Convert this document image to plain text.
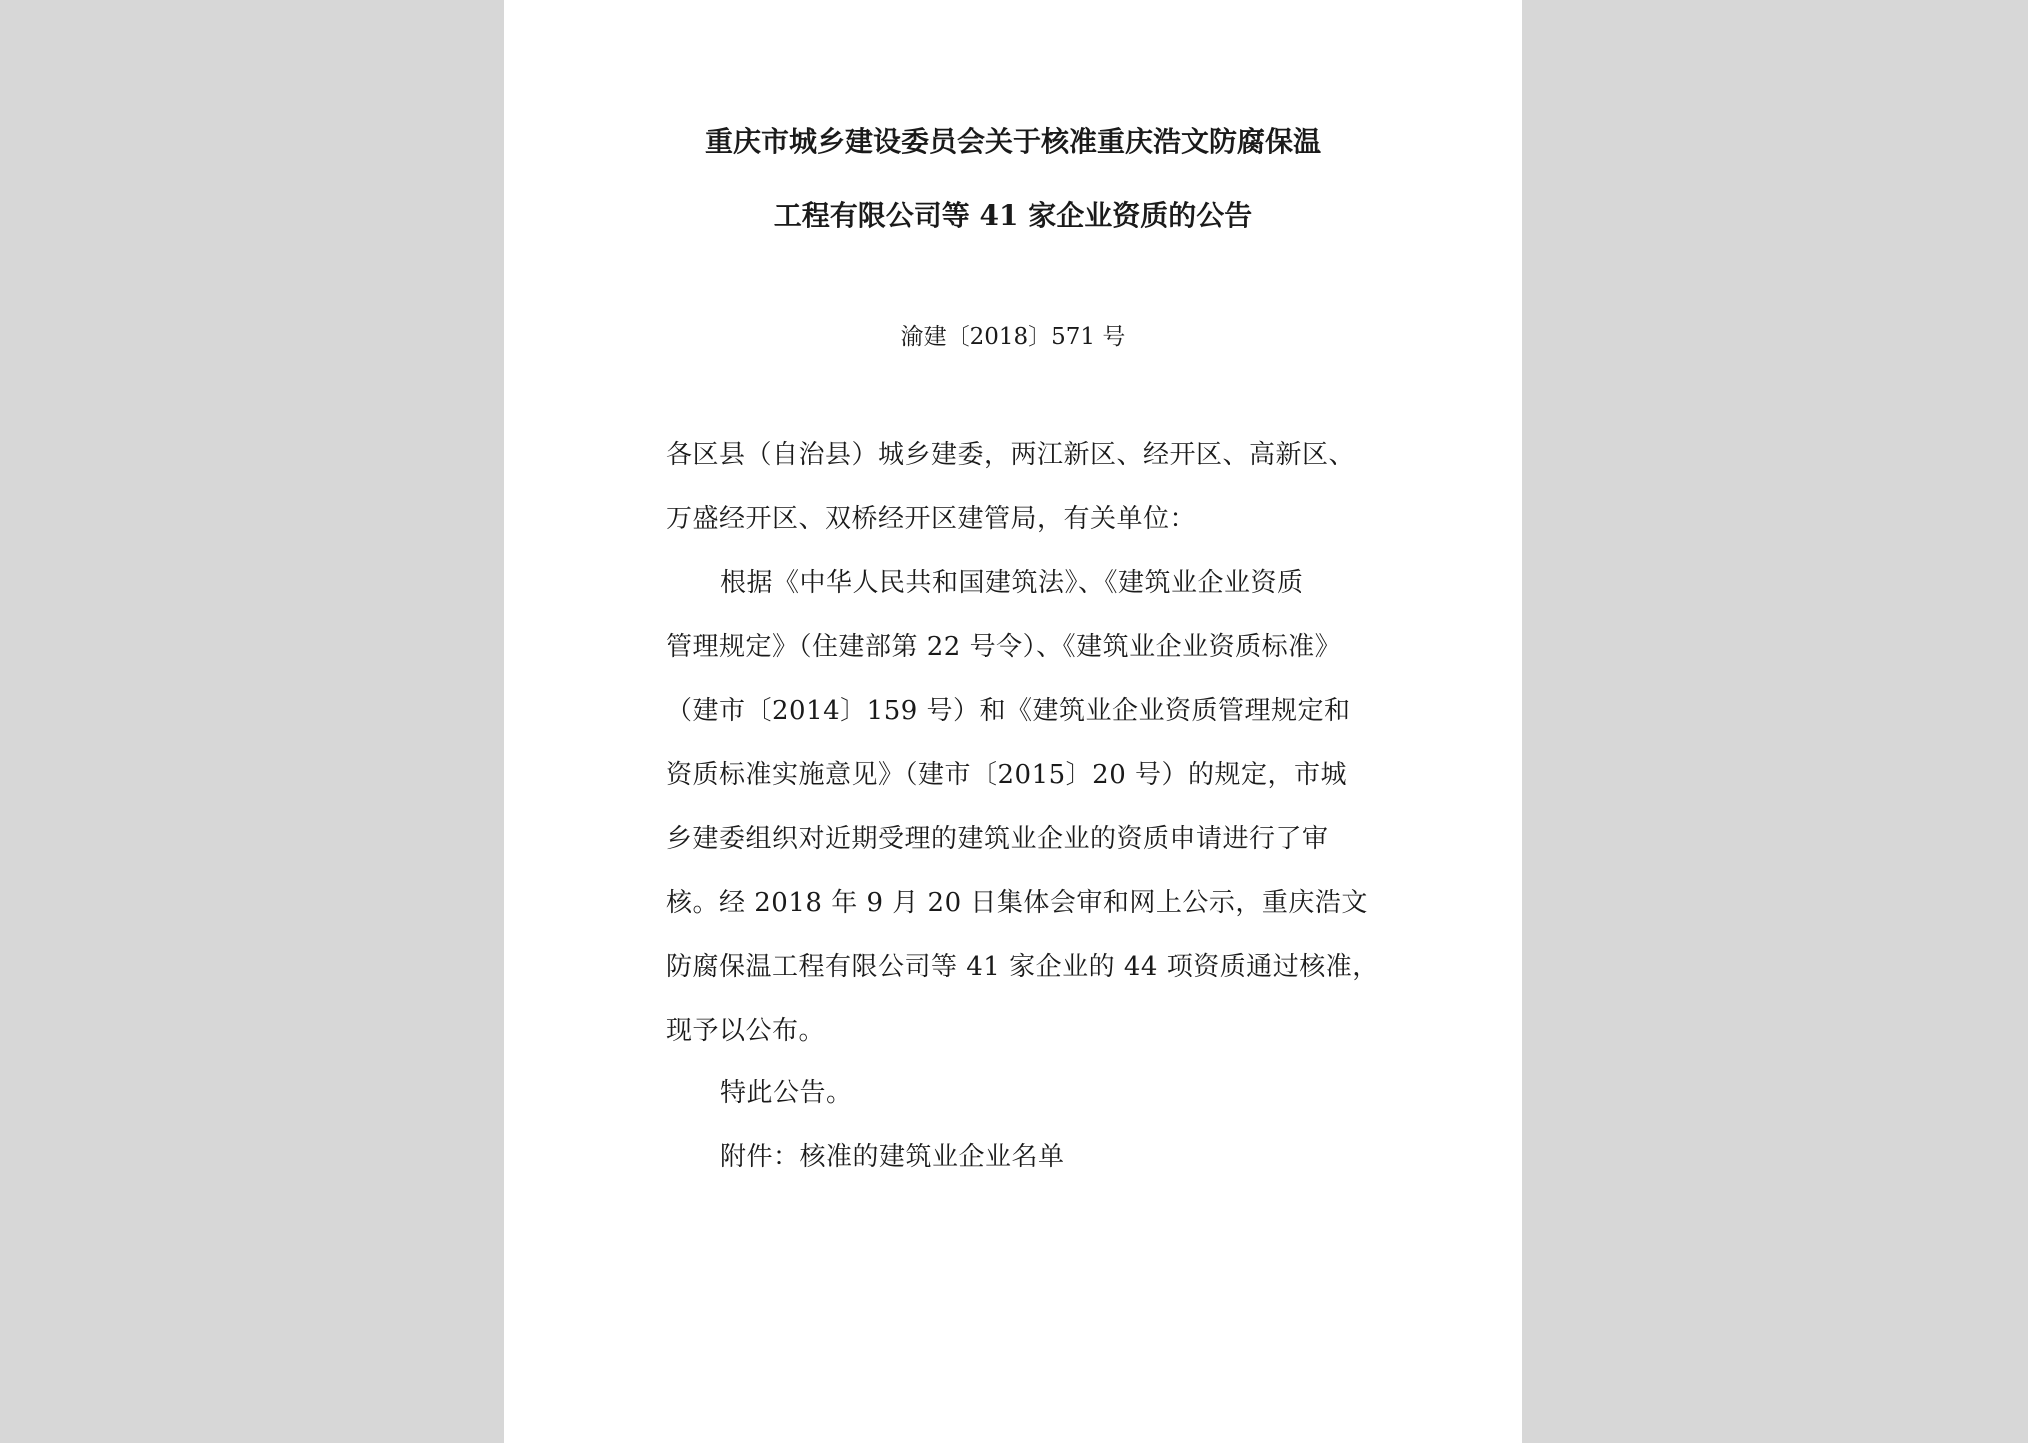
重庆市城乡建设委员会关于核准重庆浩文防腐保温
工程有限公司等 41 家企业资质的公告
渝建〔2018〕571 号
各区县（自治县）城乡建委，两江新区、经开区、高新区、
万盛经开区、双桥经开区建管局，有关单位：
根据《中华人民共和国建筑法》、《建筑业企业资质
管理规定》（住建部第 22 号令）、《建筑业企业资质标准》
（建市〔2014〕159 号）和《建筑业企业资质管理规定和
资质标准实施意见》（建市〔2015〕20 号）的规定，市城
乡建委组织对近期受理的建筑业企业的资质申请进行了审
核。经 2018 年 9 月 20 日集体会审和网上公示，重庆浩文
防腐保温工程有限公司等 41 家企业的 44 项资质通过核准，
现予以公布。
特此公告。
附件：核准的建筑业企业名单
